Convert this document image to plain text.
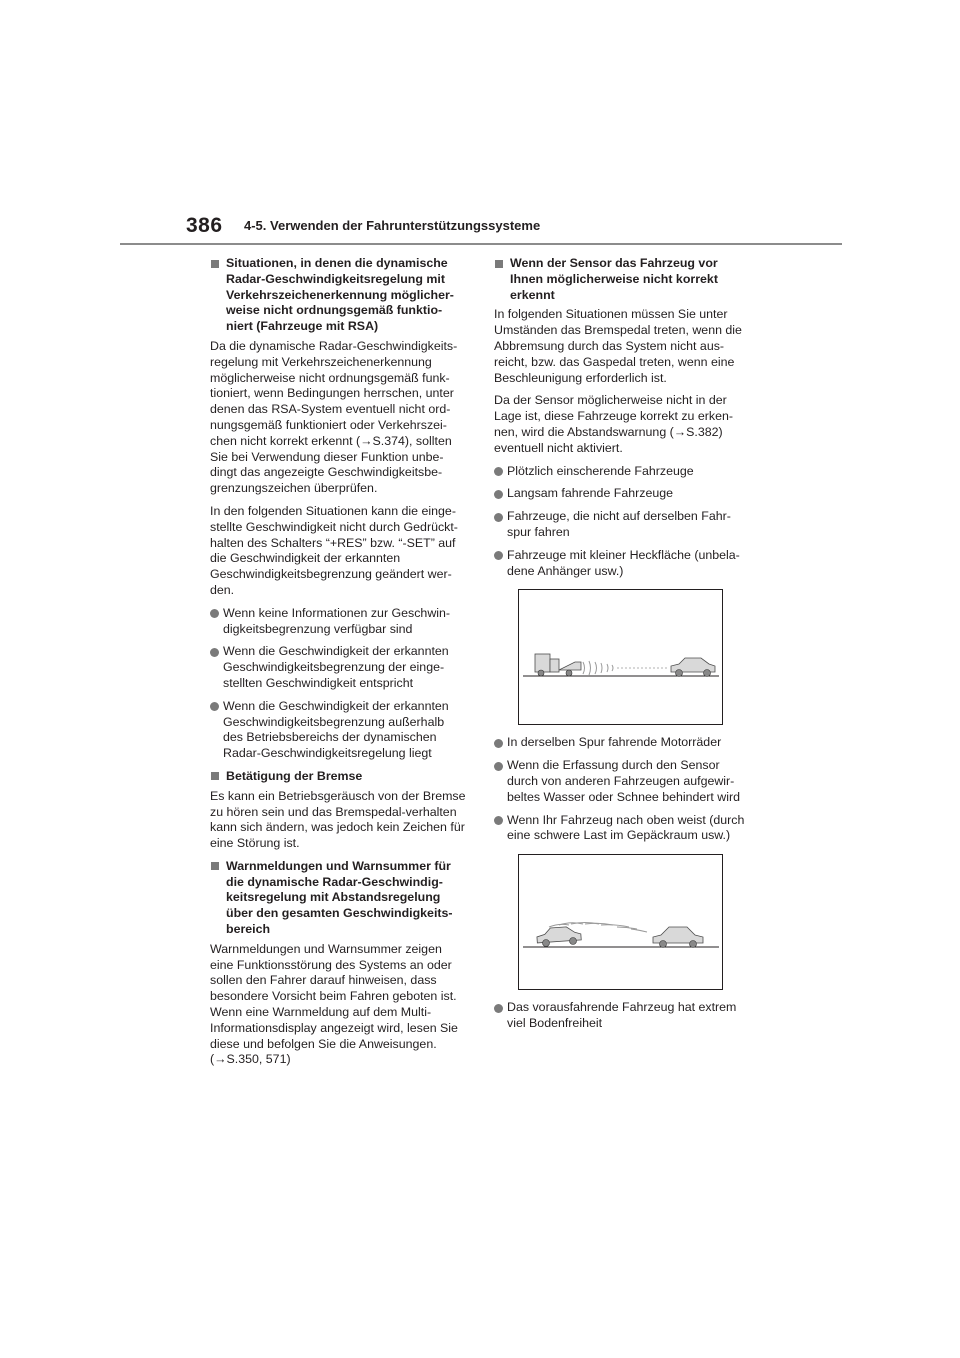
386 4-5. Verwenden der Fahrunterstützungssysteme
Situationen, in denen die dynamische Radar-Geschwindigkeitsregelung mit Verkehrszeichenerkennung möglicher-weise nicht ordnungsgemäß funktio-niert (Fahrzeuge mit RSA)

Da die dynamische Radar-Geschwindigkeits-regelung mit Verkehrszeichenerkennung möglicherweise nicht ordnungsgemäß funk-tioniert, wenn Bedingungen herrschen, unter denen das RSA-System eventuell nicht ord-nungsgemäß funktioniert oder Verkehrszei-chen nicht korrekt erkennt (→S.374), sollten Sie bei Verwendung dieser Funktion unbe-dingt das angezeigte Geschwindigkeitsbe-grenzungszeichen überprüfen.

In den folgenden Situationen kann die einge-stellte Geschwindigkeit nicht durch Gedrückt-halten des Schalters “+RES” bzw. “-SET” auf die Geschwindigkeit der erkannten Geschwindigkeitsbegrenzung geändert wer-den.

Wenn keine Informationen zur Geschwin-digkeitsbegrenzung verfügbar sind
Wenn die Geschwindigkeit der erkannten Geschwindigkeitsbegrenzung der einge-stellten Geschwindigkeit entspricht
Wenn die Geschwindigkeit der erkannten Geschwindigkeitsbegrenzung außerhalb des Betriebsbereichs der dynamischen Radar-Geschwindigkeitsregelung liegt
Betätigung der Bremse

Es kann ein Betriebsgeräusch von der Bremse zu hören sein und das Bremspedal-verhalten kann sich ändern, was jedoch kein Zeichen für eine Störung ist.

Warnmeldungen und Warnsummer für die dynamische Radar-Geschwindig-keitsregelung mit Abstandsregelung über den gesamten Geschwindigkeits-bereich

Warnmeldungen und Warnsummer zeigen eine Funktionsstörung des Systems an oder sollen den Fahrer darauf hinweisen, dass besondere Vorsicht beim Fahren geboten ist. Wenn eine Warnmeldung auf dem Multi-Informationsdisplay angezeigt wird, lesen Sie diese und befolgen Sie die Anweisungen. (→S.350, 571)

Wenn der Sensor das Fahrzeug vor Ihnen möglicherweise nicht korrekt erkennt

In folgenden Situationen müssen Sie unter Umständen das Bremspedal treten, wenn die Abbremsung durch das System nicht aus-reicht, bzw. das Gaspedal treten, wenn eine Beschleunigung erforderlich ist.

Da der Sensor möglicherweise nicht in der Lage ist, diese Fahrzeuge korrekt zu erken-nen, wird die Abstandswarnung (→S.382) eventuell nicht aktiviert.

Plötzlich einscherende Fahrzeuge
Langsam fahrende Fahrzeuge
Fahrzeuge, die nicht auf derselben Fahr-spur fahren
Fahrzeuge mit kleiner Heckfläche (unbela-dene Anhänger usw.)
In derselben Spur fahrende Motorräder
Wenn die Erfassung durch den Sensor durch von anderen Fahrzeugen aufgewir-beltes Wasser oder Schnee behindert wird
Wenn Ihr Fahrzeug nach oben weist (durch eine schwere Last im Gepäckraum usw.)
Das vorausfahrende Fahrzeug hat extrem viel Bodenfreiheit
